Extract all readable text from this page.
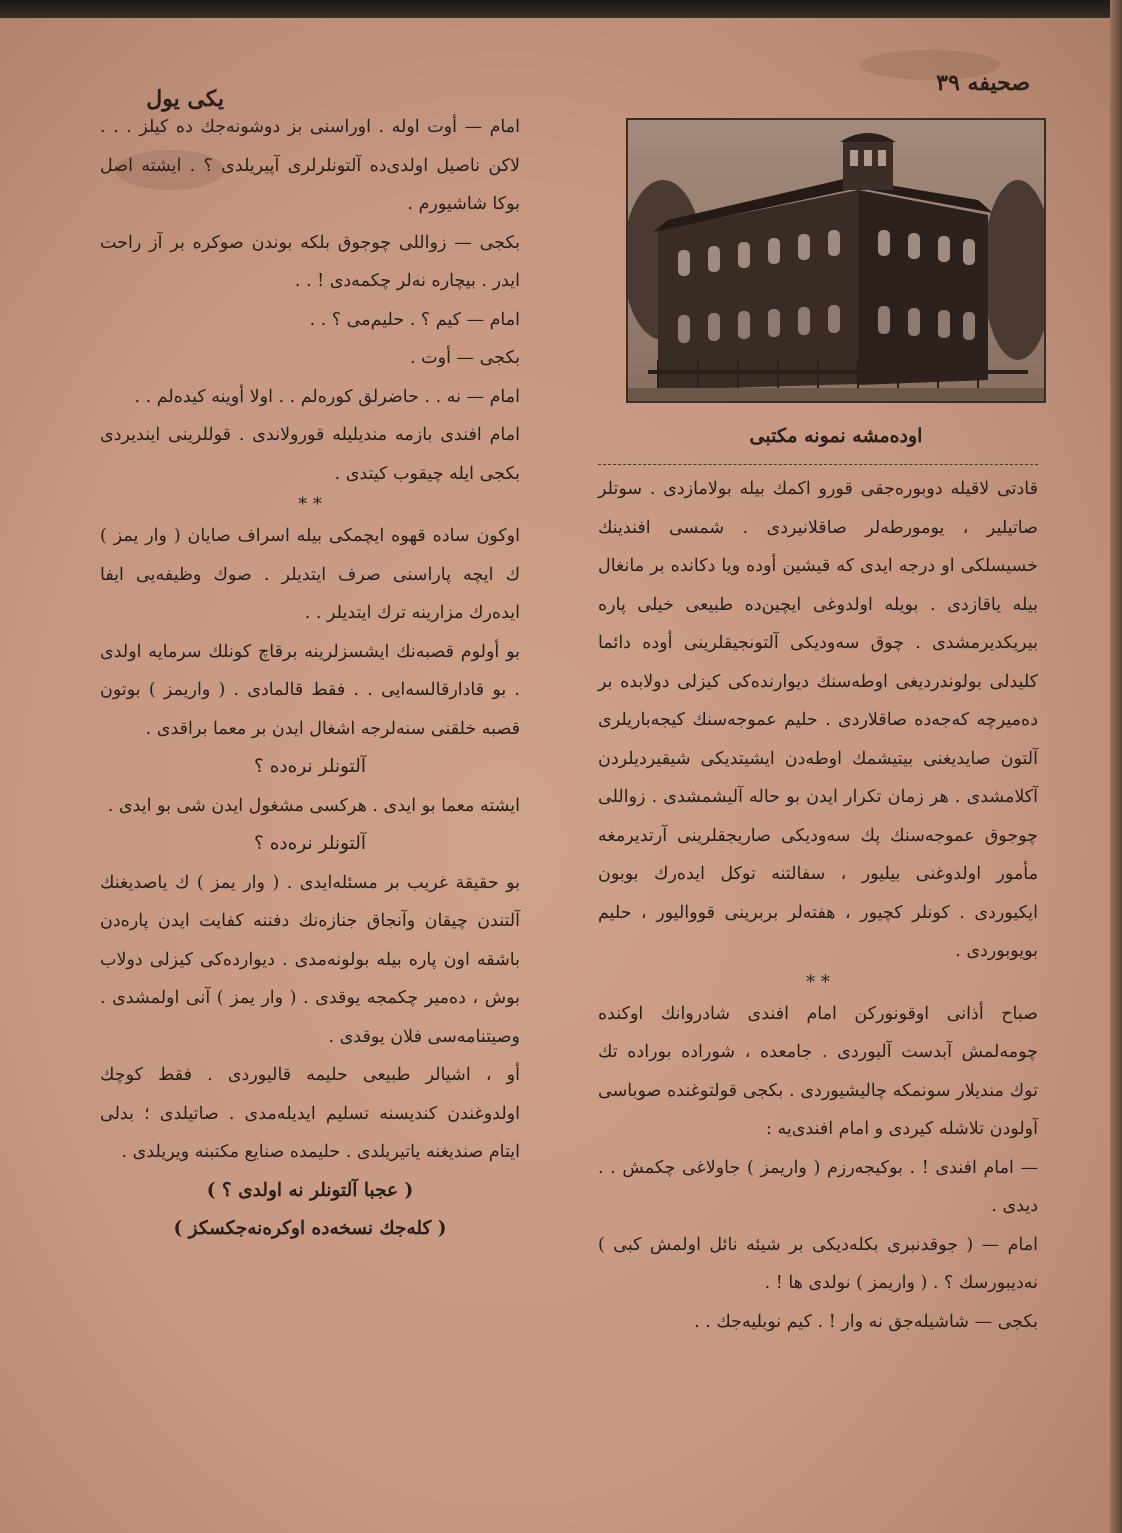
صحیفه ۳۹
یکی یول
اوده‌مشه نمونه مکتبی

امام — أوت اوله . اوراسنی بز دوشونه‌جك ده کیلز . . . لاکن ناصیل اولدی‌ده آلتونلرلری آپیریلدی ؟ . ایشته اصل بوکا شاشیورم .

بکجی — زواللی چوجوق بلکه بوندن صوکره بر آز راحت ایدر . بیچاره نه‌لر چکمه‌دی ! . .

امام — کیم ؟ . حلیم‌می ؟ . .

بکجی — أوت .

امام — نه . . حاضرلق کوره‌لم . . اولا أوینه کیده‌لم . .

امام افندی بازمه مندیلیله قورولاندی . قوللرینی ایندیردی بکجی ایله چیقوب کیتدی .

* *

اوکون ساده قهوه ایچمکی بیله اسراف صایان ( وار یمز ) ك ایچه پاراسنی صرف ایتدیلر . صوك وظیفه‌یی ایفا ایده‌رك مزارینه ترك ایتدیلر . .

بو أولوم قصبه‌نك ایشسزلرینه برقاچ کونلك سرمایه اولدی . بو قادارقالسه‌ایی . . فقط قالمادی . ( واریمز ) بوتون قصبه خلقنی سنه‌لرجه اشغال ایدن بر معما براقدی .

آلتونلر نره‌ده ؟

ایشته معما بو ایدی . هرکسی مشغول ایدن شی بو ایدی .

آلتونلر نره‌ده ؟

بو حقیقة غریب بر مسئله‌ایدی . ( وار یمز ) ك یاصدیغنك آلتندن چیقان وآنجاق جنازه‌نك دفننه کفایت ایدن پاره‌دن باشقه اون پاره بیله بولونه‌مدی . دیوارده‌کی کیزلی دولاب بوش ، ده‌میر چکمجه یوقدی . ( وار یمز ) آنی اولمشدی . وصیتنامه‌سی فلان یوقدی .

أو ، اشیالر طبیعی حلیمه قالیوردی . فقط کوچك اولدوغندن کندیسنه تسلیم ایدیله‌مدی . صاتیلدی ؛ بدلی ایتام صندیغنه یاتیریلدی . حلیمده صنایع مکتبنه ویریلدی .

( عجبا آلتونلر نه اولدی ؟ )

( کله‌جك نسخه‌ده اوکره‌نه‌جکسکز )

قادتی لاقیله دوبوره‌جقی قورو اکمك بیله بولامازدی . سوتلر صاتیلیر ، یومورطه‌لر صاقلانیردی . شمسی افندینك خسیسلکی او درجه ایدی که قیشین أوده ویا دکانده بر مانغال بیله یاقازدی . بویله اولدوغی ایچین‌ده طبیعی خیلی پاره بیریکدیرمشدی . چوق سه‌ودیکی آلتونجیقلرینی أوده دائما کلیدلی بولوندردیغی اوطه‌سنك دیوارنده‌کی کیزلی دولابده بر ده‌میرچه که‌جه‌ده صاقلاردی . حلیم عموجه‌سنك کیجه‌باریلری آلتون صایدیغنی بیتیشمك اوطه‌دن ایشیتدیکی شیقیردیلردن آکلامشدی . هر زمان تکرار ایدن بو حاله آلیشمشدی . زواللی چوجوق عموجه‌سنك پك سه‌ودیکی صاریجقلرینی آرتدیرمغه مأمور اولدوغنی بیلیور ، سفالتنه توکل ایده‌رك بوبون ایکیوردی . کونلر کچیور ، هفته‌لر بربرینی قوواليور ، حلیم بویوبوردی .

* *

صباح أذانی اوقونورکن امام افندی شادروانك اوکنده چومه‌لمش آبدست آلیوردی . جامعده ، شوراده بوراده تك توك مندیلار سونمکه چالیشیوردی . بکجی قولتوغنده صوباسی آولودن تلاشله کیردی و امام افندی‌یه :

— امام افندی ! . بوکیجه‌رزم ( واریمز ) جاولاغی چکمش . . دیدی .

امام — ( جوقدنبری بکله‌دیکی بر شیئه نائل اولمش کبی ) نه‌دیبورسك ؟ . ( واریمز ) نولدی ها ! .

بکجی — شاشیله‌جق نه وار ! . کیم نوبلیه‌جك . .
